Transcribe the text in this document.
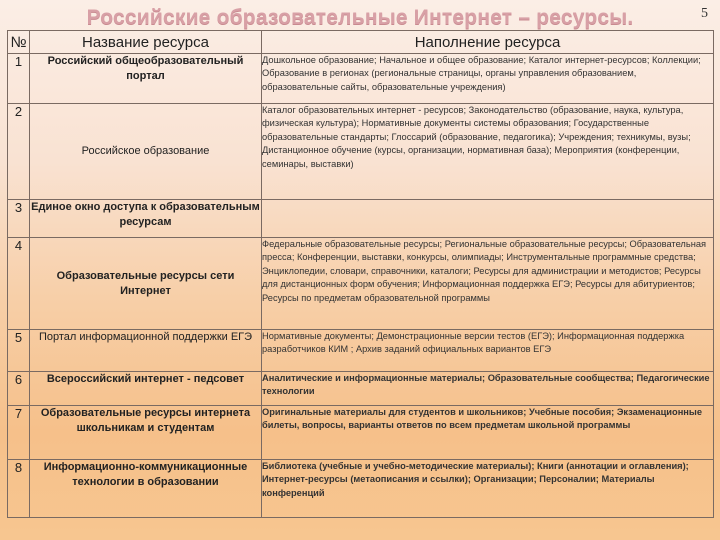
Российские образовательные Интернет – ресурсы.	5
№	Название ресурса	Наполнение ресурса
1	Российский общеобразовательный портал	Дошкольное образование; Начальное и общее образование; Каталог интернет-ресурсов; Коллекции; Образование в регионах (региональные страницы, органы управления образованием, образовательные сайты, образовательные учреждения)
2	Российское образование	Каталог образовательных интернет - ресурсов; Законодательство (образование, наука, культура, физическая культура); Нормативные документы системы образования; Государственные образовательные стандарты; Глоссарий (образование, педагогика); Учреждения; техникумы, вузы; Дистанционное обучение (курсы, организации, нормативная база); Мероприятия (конференции, семинары, выставки)
3	Единое окно доступа к образовательным ресурсам	
4	Образовательные ресурсы сети Интернет	Федеральные образовательные ресурсы; Региональные образовательные ресурсы; Образовательная пресса; Конференции, выставки, конкурсы, олимпиады; Инструментальные программные средства; Энциклопедии, словари, справочники, каталоги; Ресурсы для администрации и методистов; Ресурсы для дистанционных форм обучения; Информационная поддержка ЕГЭ; Ресурсы для абитуриентов; Ресурсы по предметам образовательной программы
5	Портал информационной поддержки ЕГЭ	Нормативные документы; Демонстрационные версии тестов (ЕГЭ); Информационная поддержка разработчиков КИМ ; Архив заданий официальных вариантов ЕГЭ
6	Всероссийский интернет - педсовет	Аналитические и информационные материалы; Образовательные сообщества; Педагогические технологии
7	Образовательные ресурсы интернета школьникам и студентам	Оригинальные материалы для студентов и школьников; Учебные пособия; Экзаменационные билеты, вопросы, варианты ответов по всем предметам школьной программы
8	Информационно-коммуникационные технологии в образовании	Библиотека (учебные и учебно-методические материалы); Книги (аннотации и оглавления); Интернет-ресурсы (метаописания и ссылки); Организации; Персоналии; Материалы конференций
